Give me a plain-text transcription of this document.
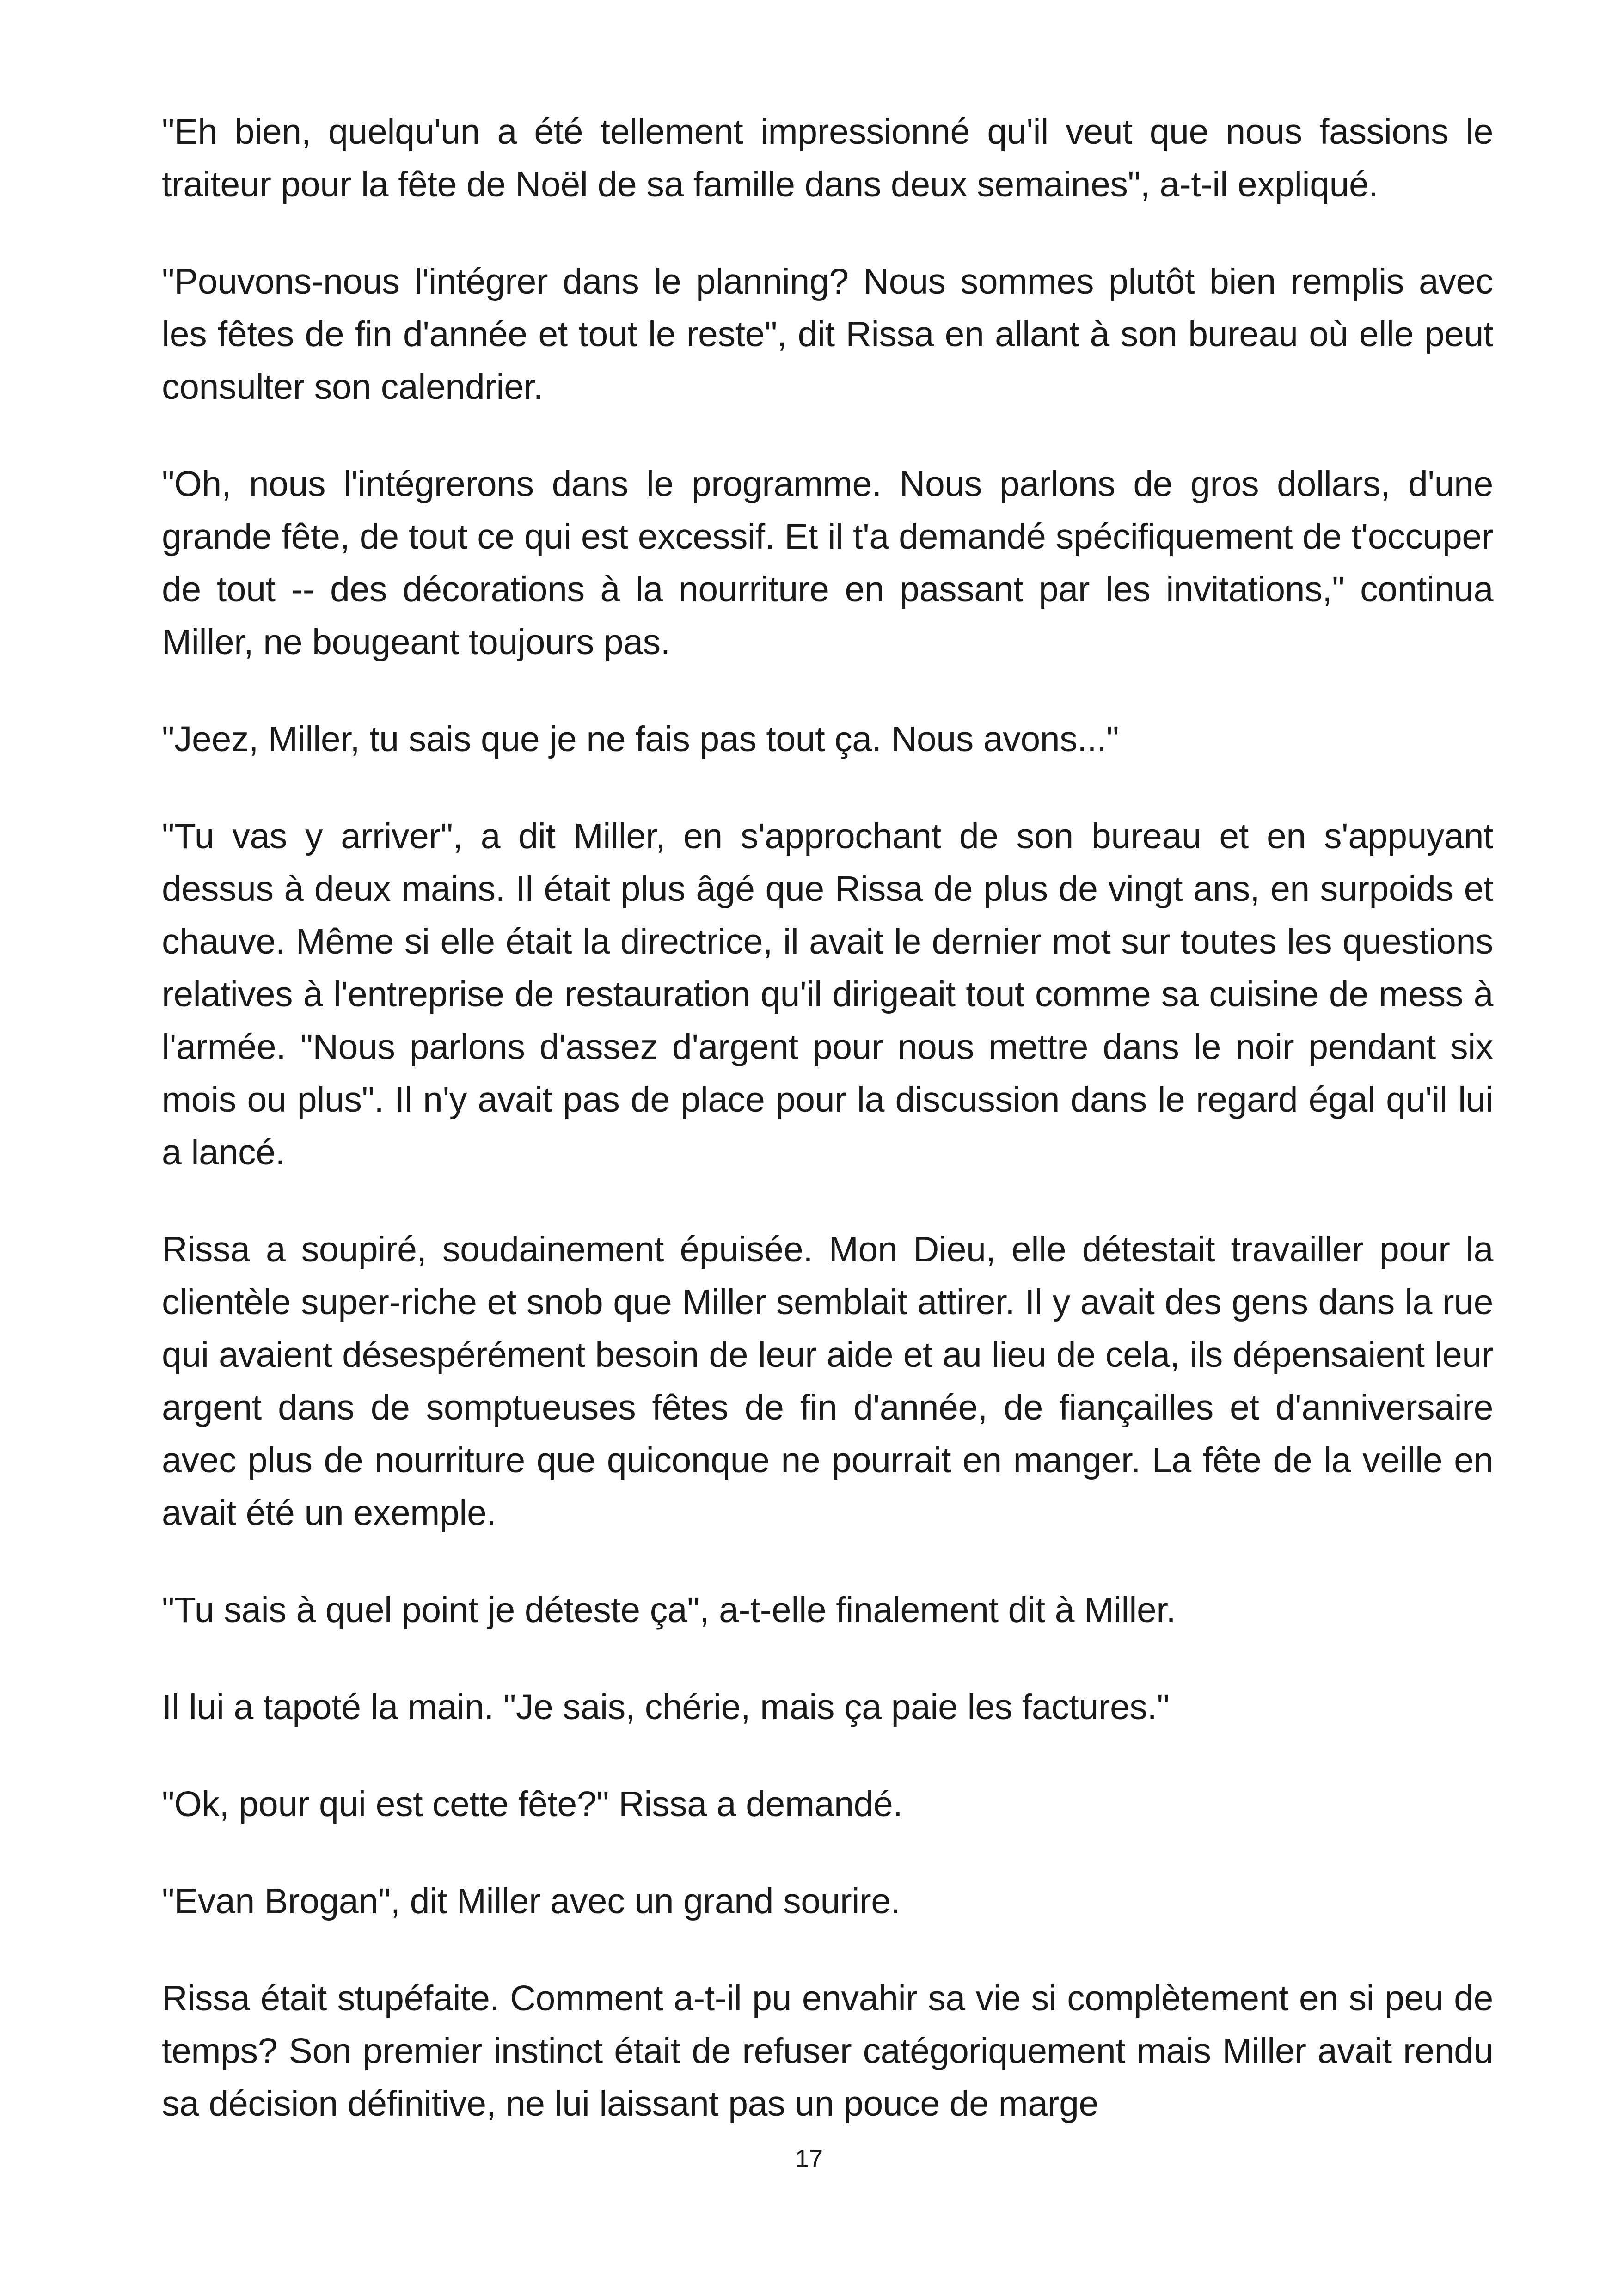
"Eh bien, quelqu'un a été tellement impressionné qu'il veut que nous fassions le traiteur pour la fête de Noël de sa famille dans deux semaines", a-t-il expliqué.

"Pouvons-nous l'intégrer dans le planning? Nous sommes plutôt bien remplis avec les fêtes de fin d'année et tout le reste", dit Rissa en allant à son bureau où elle peut consulter son calendrier.

"Oh, nous l'intégrerons dans le programme. Nous parlons de gros dollars, d'une grande fête, de tout ce qui est excessif. Et il t'a demandé spécifiquement de t'occuper de tout -- des décorations à la nourriture en passant par les invitations," continua Miller, ne bougeant toujours pas.

"Jeez, Miller, tu sais que je ne fais pas tout ça. Nous avons..."

"Tu vas y arriver", a dit Miller, en s'approchant de son bureau et en s'appuyant dessus à deux mains. Il était plus âgé que Rissa de plus de vingt ans, en surpoids et chauve. Même si elle était la directrice, il avait le dernier mot sur toutes les questions relatives à l'entreprise de restauration qu'il dirigeait tout comme sa cuisine de mess à l'armée. "Nous parlons d'assez d'argent pour nous mettre dans le noir pendant six mois ou plus". Il n'y avait pas de place pour la discussion dans le regard égal qu'il lui a lancé.

Rissa a soupiré, soudainement épuisée. Mon Dieu, elle détestait travailler pour la clientèle super-riche et snob que Miller semblait attirer. Il y avait des gens dans la rue qui avaient désespérément besoin de leur aide et au lieu de cela, ils dépensaient leur argent dans de somptueuses fêtes de fin d'année, de fiançailles et d'anniversaire avec plus de nourriture que quiconque ne pourrait en manger. La fête de la veille en avait été un exemple.

"Tu sais à quel point je déteste ça", a-t-elle finalement dit à Miller.

Il lui a tapoté la main. "Je sais, chérie, mais ça paie les factures."

"Ok, pour qui est cette fête?" Rissa a demandé.

"Evan Brogan", dit Miller avec un grand sourire.

Rissa était stupéfaite. Comment a-t-il pu envahir sa vie si complètement en si peu de temps? Son premier instinct était de refuser catégoriquement mais Miller avait rendu sa décision définitive, ne lui laissant pas un pouce de marge

17
